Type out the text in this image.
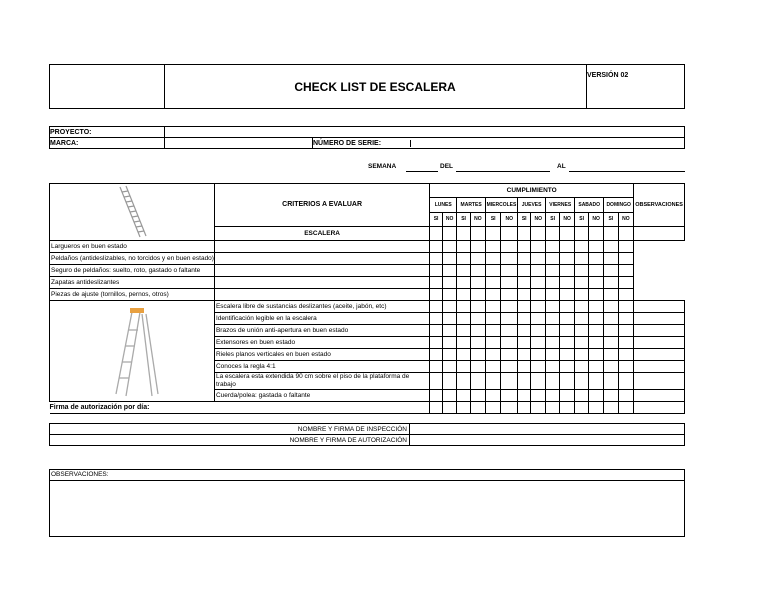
CHECK LIST DE ESCALERA
VERSIÓN 02
PROYECTO:		
MARCA:		NÚMERO DE SERIE:
SEMANA	DEL	AL
	CRITERIOS A EVALUAR	CUMPLIMIENTO														OBSERVACIONES
		LUNES		MARTES		MIERCOLES		JUEVES		VIERNES		SABADO		DOMINGO		
		SI	NO	SI	NO	SI	NO	SI	NO	SI	NO	SI	NO	SI	NO	
	ESCALERA															
Largueros en buen estado																
Peldaños (antideslizables, no torcidos y en buen estado)																
Seguro de peldaños: suelto, roto, gastado o faltante																
Zapatas antideslizantes																
Piezas de ajuste (tornillos, pernos, otros)																

	Escalera libre de sustancias deslizantes (aceite, jabón, etc)															
	Identificación legible en la escalera															
	Brazos de unión anti-apertura en buen estado															
	Extensores en buen estado															
	Rieles planos verticales en buen estado															
	Conoces la regla 4:1															
	La escalera esta extendida 90 cm sobre el piso de la plataforma de trabajo															
	Cuerda/polea: gastada o faltante															
Firma de autorización por día:																
NOMBRE Y FIRMA DE INSPECCIÓN	
NOMBRE Y FIRMA DE AUTORIZACIÓN	
OBSERVACIONES:
